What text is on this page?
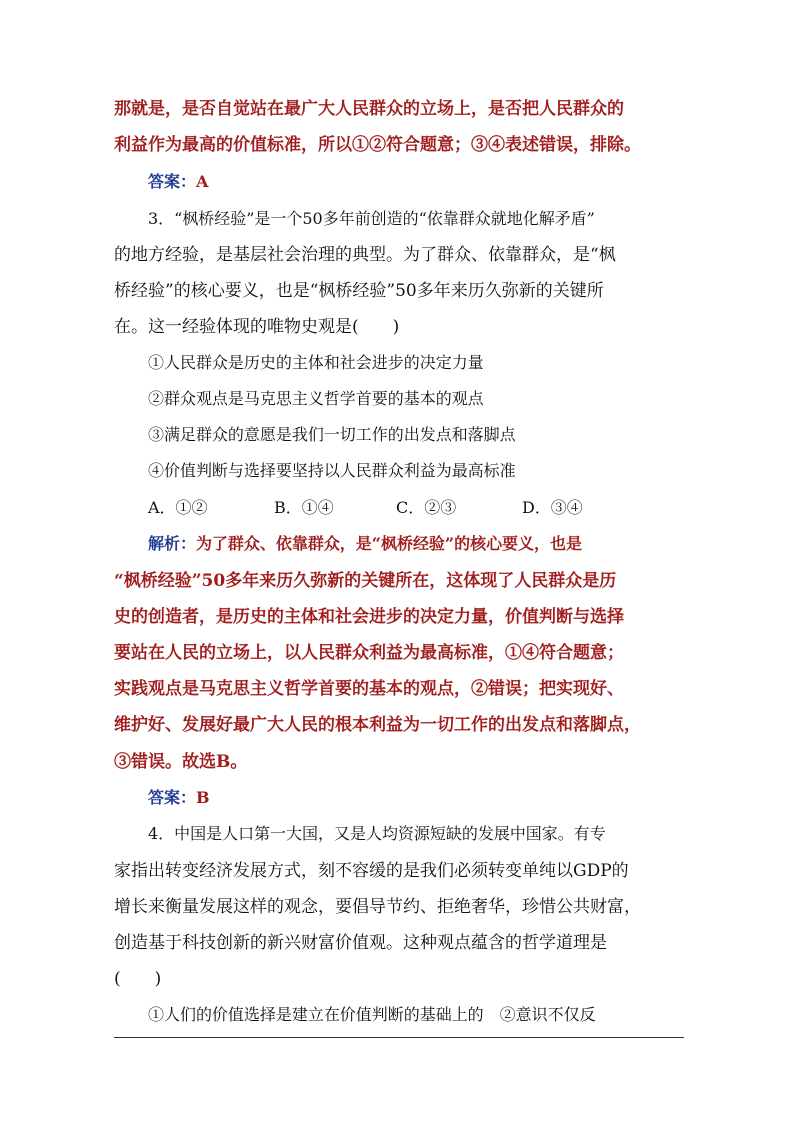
那就是，是否自觉站在最广大人民群众的立场上，是否把人民群众的
利益作为最高的价值标准，所以①②符合题意；③④表述错误，排除。
答案：A
3．“枫桥经验”是一个50多年前创造的“依靠群众就地化解矛盾”
的地方经验，是基层社会治理的典型。为了群众、依靠群众，是“枫
桥经验”的核心要义，也是“枫桥经验”50多年来历久弥新的关键所
在。这一经验体现的唯物史观是(　　)
①人民群众是历史的主体和社会进步的决定力量
②群众观点是马克思主义哲学首要的基本的观点
③满足群众的意愿是我们一切工作的出发点和落脚点
④价值判断与选择要坚持以人民群众利益为最高标准
A．①②	B．①④	C．②③	D．③④
解析：为了群众、依靠群众，是“枫桥经验”的核心要义，也是
“枫桥经验”50多年来历久弥新的关键所在，这体现了人民群众是历
史的创造者，是历史的主体和社会进步的决定力量，价值判断与选择
要站在人民的立场上，以人民群众利益为最高标准，①④符合题意；
实践观点是马克思主义哲学首要的基本的观点，②错误；把实现好、
维护好、发展好最广大人民的根本利益为一切工作的出发点和落脚点，
③错误。故选B。
答案：B
4．中国是人口第一大国，又是人均资源短缺的发展中国家。有专
家指出转变经济发展方式，刻不容缓的是我们必须转变单纯以GDP的
增长来衡量发展这样的观念，要倡导节约、拒绝奢华，珍惜公共财富，
创造基于科技创新的新兴财富价值观。这种观点蕴含的哲学道理是
(　　)
①人们的价值选择是建立在价值判断的基础上的　②意识不仅反
